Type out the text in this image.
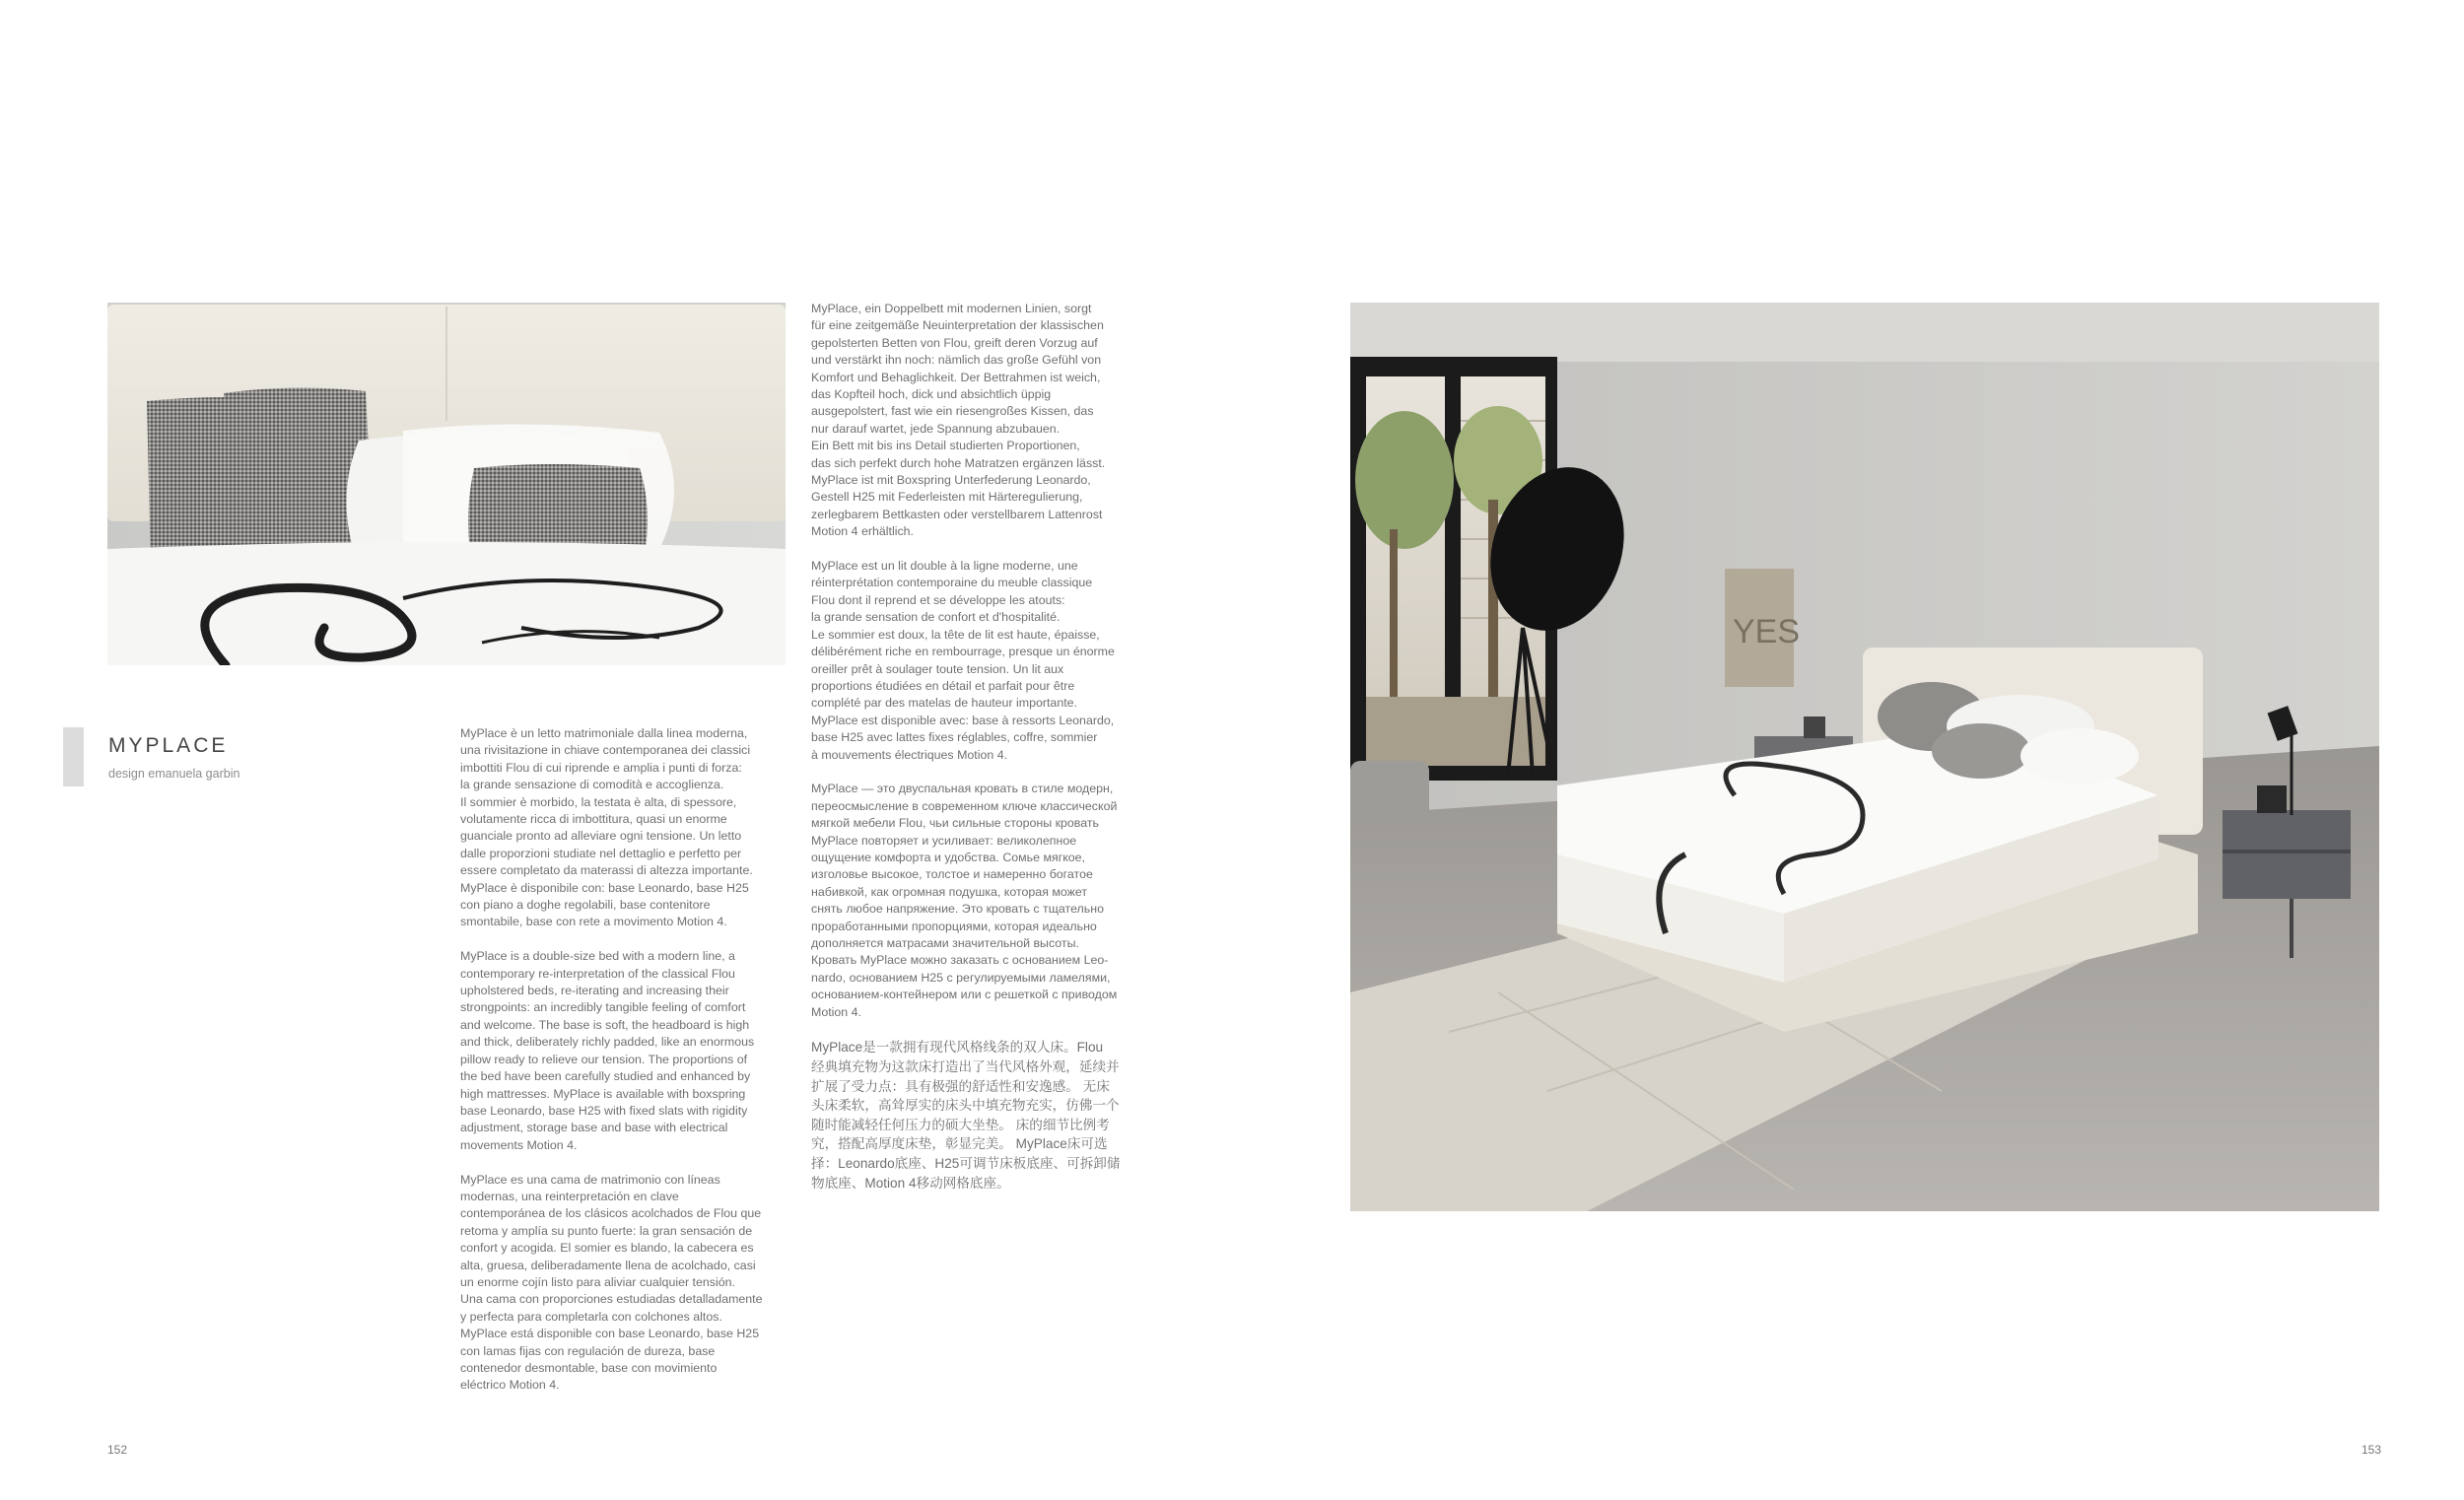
YES
MYPLACE
design emanuela garbin

MyPlace è un letto matrimoniale dalla linea moderna,
una rivisitazione in chiave contemporanea dei classici
imbottiti Flou di cui riprende e amplia i punti di forza:
la grande sensazione di comodità e accoglienza.
Il sommier è morbido, la testata è alta, di spessore,
volutamente ricca di imbottitura, quasi un enorme
guanciale pronto ad alleviare ogni tensione. Un letto
dalle proporzioni studiate nel dettaglio e perfetto per
essere completato da materassi di altezza importante.
MyPlace è disponibile con: base Leonardo, base H25
con piano a doghe regolabili, base contenitore
smontabile, base con rete a movimento Motion 4.

MyPlace is a double-size bed with a modern line, a
contemporary re-interpretation of the classical Flou
upholstered beds, re-iterating and increasing their
strongpoints: an incredibly tangible feeling of comfort
and welcome. The base is soft, the headboard is high
and thick, deliberately richly padded, like an enormous
pillow ready to relieve our tension. The proportions of
the bed have been carefully studied and enhanced by
high mattresses. MyPlace is available with boxspring
base Leonardo, base H25 with fixed slats with rigidity
adjustment, storage base and base with electrical
movements Motion 4.

MyPlace es una cama de matrimonio con líneas
modernas, una reinterpretación en clave
contemporánea de los clásicos acolchados de Flou que
retoma y amplía su punto fuerte: la gran sensación de
confort y acogida. El somier es blando, la cabecera es
alta, gruesa, deliberadamente llena de acolchado, casi
un enorme cojín listo para aliviar cualquier tensión.
Una cama con proporciones estudiadas detalladamente
y perfecta para completarla con colchones altos.
MyPlace está disponible con base Leonardo, base H25
con lamas fijas con regulación de dureza, base
contenedor desmontable, base con movimiento
eléctrico Motion 4.

MyPlace, ein Doppelbett mit modernen Linien, sorgt
für eine zeitgemäße Neuinterpretation der klassischen
gepolsterten Betten von Flou, greift deren Vorzug auf
und verstärkt ihn noch: nämlich das große Gefühl von
Komfort und Behaglichkeit. Der Bettrahmen ist weich,
das Kopfteil hoch, dick und absichtlich üppig
ausgepolstert, fast wie ein riesengroßes Kissen, das
nur darauf wartet, jede Spannung abzubauen.
Ein Bett mit bis ins Detail studierten Proportionen,
das sich perfekt durch hohe Matratzen ergänzen lässt.
MyPlace ist mit Boxspring Unterfederung Leonardo,
Gestell H25 mit Federleisten mit Härteregulierung,
zerlegbarem Bettkasten oder verstellbarem Lattenrost
Motion 4 erhältlich.

MyPlace est un lit double à la ligne moderne, une
réinterprétation contemporaine du meuble classique
Flou dont il reprend et se développe les atouts:
la grande sensation de confort et d'hospitalité.
Le sommier est doux, la tête de lit est haute, épaisse,
délibérément riche en rembourrage, presque un énorme
oreiller prêt à soulager toute tension. Un lit aux
proportions étudiées en détail et parfait pour être
complété par des matelas de hauteur importante.
MyPlace est disponible avec: base à ressorts Leonardo,
base H25 avec lattes fixes réglables, coffre, sommier
à mouvements électriques Motion 4.

MyPlace — это двуспальная кровать в стиле модерн,
переосмысление в современном ключе классической
мягкой мебели Flou, чьи сильные стороны кровать
MyPlace повторяет и усиливает: великолепное
ощущение комфорта и удобства. Сомье мягкое,
изголовье высокое, толстое и намеренно богатое
набивкой, как огромная подушка, которая может
снять любое напряжение. Это кровать с тщательно
проработанными пропорциями, которая идеально
дополняется матрасами значительной высоты.
Кровать MyPlace можно заказать с основанием Leo-
nardo, основанием H25 с регулируемыми ламелями,
основанием-контейнером или с решеткой с приводом
Motion 4.

MyPlace是一款拥有现代风格线条的双人床。Flou
经典填充物为这款床打造出了当代风格外观，延续并
扩展了受力点：具有极强的舒适性和安逸感。 无床
头床柔软，高耸厚实的床头中填充物充实，仿佛一个
随时能减轻任何压力的硕大坐垫。 床的细节比例考
究，搭配高厚度床垫，彰显完美。 MyPlace床可选
择：Leonardo底座、H25可调节床板底座、可拆卸储
物底座、Motion 4移动网格底座。

152	153
